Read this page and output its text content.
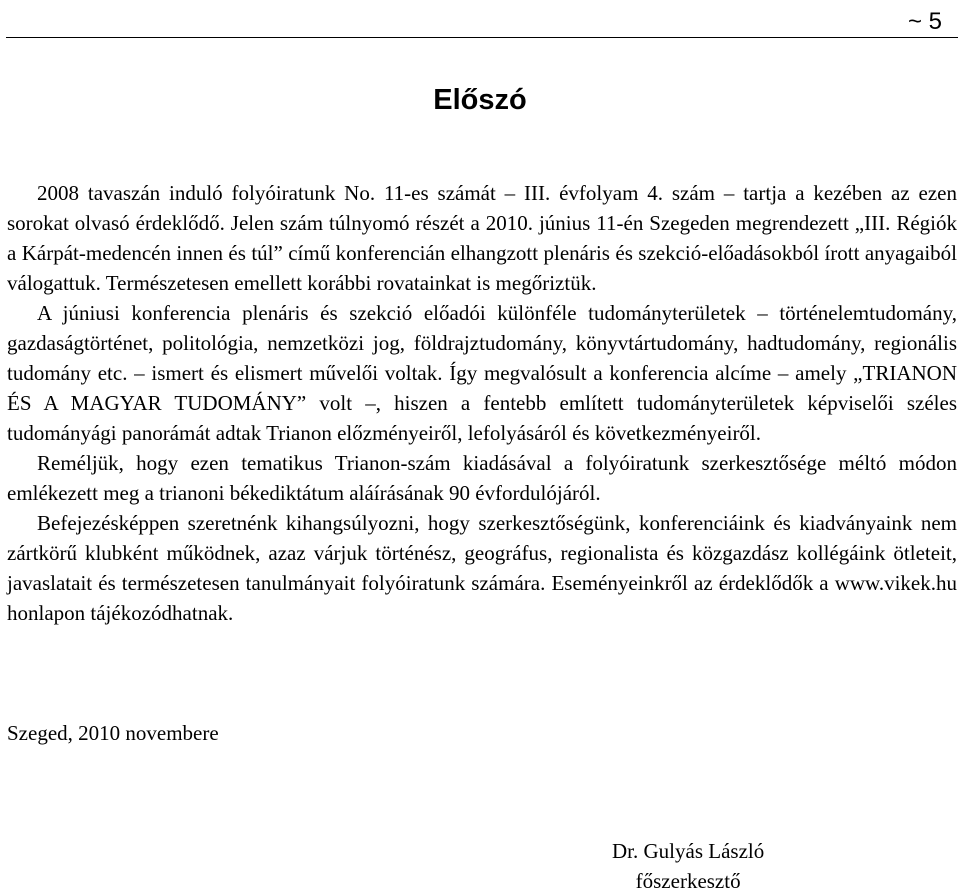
~ 5
Előszó

2008 tavaszán induló folyóiratunk No. 11-es számát – III. évfolyam 4. szám – tartja a kezében az ezen sorokat olvasó érdeklődő. Jelen szám túlnyomó részét a 2010. június 11-én Szegeden megrendezett „III. Régiók a Kárpát-medencén innen és túl” című konferencián elhangzott plenáris és szekció-előadásokból írott anyagaiból válogattuk. Természetesen emellett korábbi rovatainkat is megőriztük.

A júniusi konferencia plenáris és szekció előadói különféle tudományterületek – történelemtudomány, gazdaságtörténet, politológia, nemzetközi jog, földrajztudomány, könyvtártudomány, hadtudomány, regionális tudomány etc. – ismert és elismert művelői voltak. Így megvalósult a konferencia alcíme – amely „TRIANON ÉS A MAGYAR TUDOMÁNY” volt –, hiszen a fentebb említett tudományterületek képviselői széles tudományági panorámát adtak Trianon előzményeiről, lefolyásáról és következményeiről.

Reméljük, hogy ezen tematikus Trianon-szám kiadásával a folyóiratunk szerkesztősége méltó módon emlékezett meg a trianoni békediktátum aláírásának 90 évfordulójáról.

Befejezésképpen szeretnénk kihangsúlyozni, hogy szerkesztőségünk, konferenciáink és kiadványaink nem zártkörű klubként működnek, azaz várjuk történész, geográfus, regionalista és közgazdász kollégáink ötleteit, javaslatait és természetesen tanulmányait folyóiratunk számára. Eseményeinkről az érdeklődők a www.vikek.hu honlapon tájékozódhatnak.

Szeged, 2010 novembere
Dr. Gulyás László
főszerkesztő
